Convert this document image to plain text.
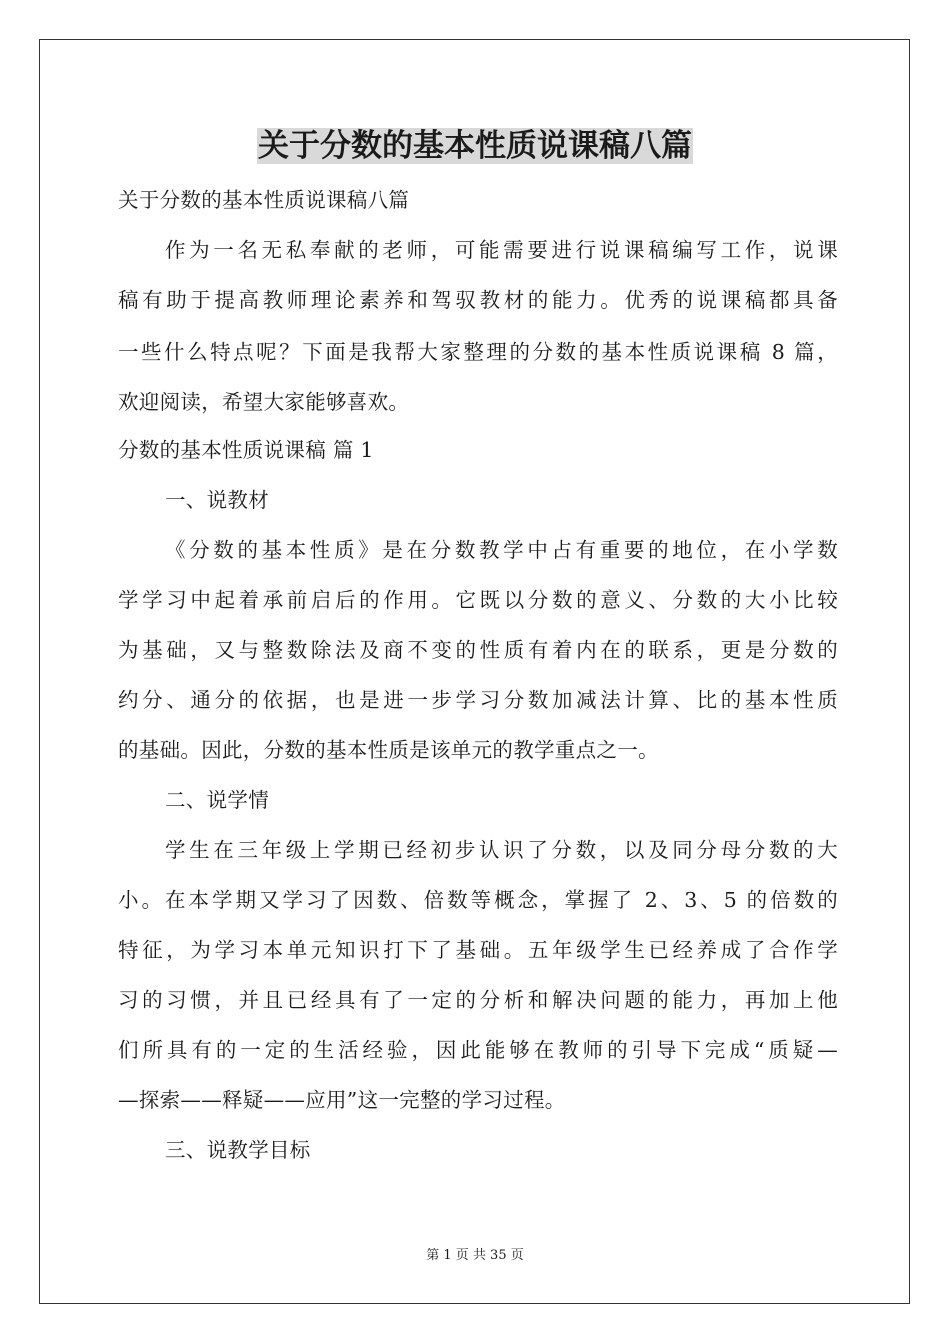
关于分数的基本性质说课稿八篇
关于分数的基本性质说课稿八篇
作为一名无私奉献的老师，可能需要进行说课稿编写工作，说课
稿有助于提高教师理论素养和驾驭教材的能力。优秀的说课稿都具备
一些什么特点呢？下面是我帮大家整理的分数的基本性质说课稿 8 篇，
欢迎阅读，希望大家能够喜欢。
分数的基本性质说课稿 篇 1
一、说教材
《分数的基本性质》是在分数教学中占有重要的地位，在小学数
学学习中起着承前启后的作用。它既以分数的意义、分数的大小比较
为基础，又与整数除法及商不变的性质有着内在的联系，更是分数的
约分、通分的依据，也是进一步学习分数加减法计算、比的基本性质
的基础。因此，分数的基本性质是该单元的教学重点之一。
二、说学情
学生在三年级上学期已经初步认识了分数，以及同分母分数的大
小。在本学期又学习了因数、倍数等概念，掌握了 2、3、5 的倍数的
特征，为学习本单元知识打下了基础。五年级学生已经养成了合作学
习的习惯，并且已经具有了一定的分析和解决问题的能力，再加上他
们所具有的一定的生活经验，因此能够在教师的引导下完成“质疑—
—探索——释疑——应用”这一完整的学习过程。
三、说教学目标
第 1 页 共 35 页
